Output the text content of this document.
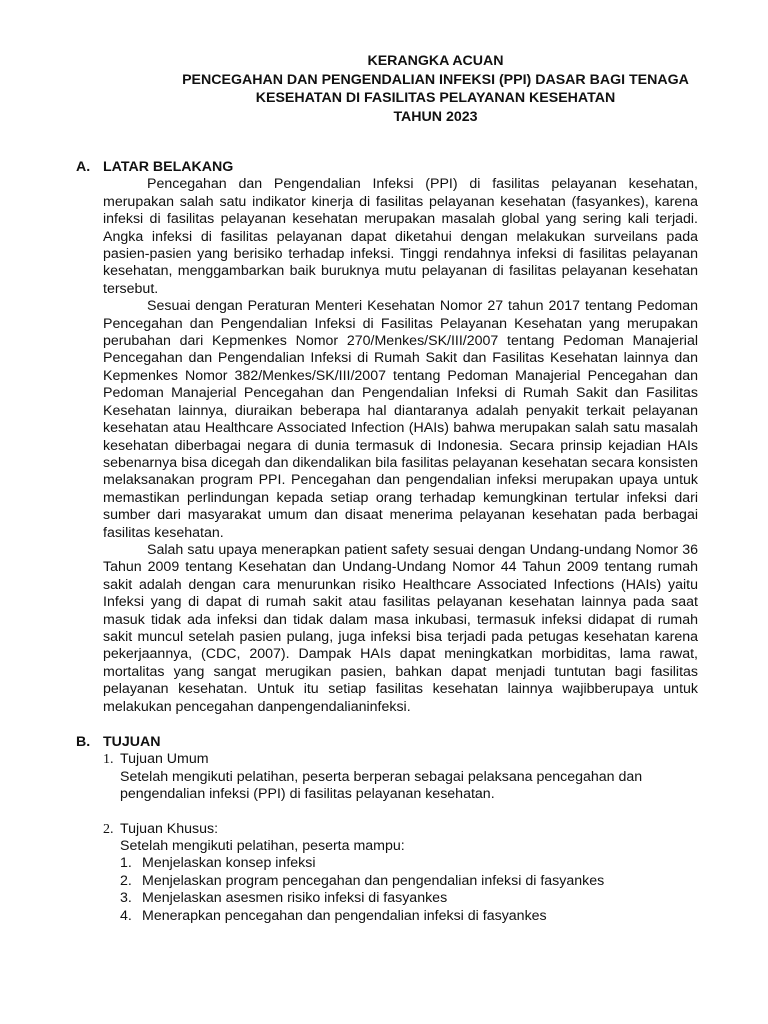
KERANGKA ACUAN
PENCEGAHAN DAN PENGENDALIAN INFEKSI (PPI) DASAR BAGI TENAGA
KESEHATAN DI FASILITAS PELAYANAN KESEHATAN
TAHUN 2023
A. LATAR BELAKANG

Pencegahan dan Pengendalian Infeksi (PPI) di fasilitas pelayanan kesehatan, merupakan salah satu indikator kinerja di fasilitas pelayanan kesehatan (fasyankes), karena infeksi di fasilitas pelayanan kesehatan merupakan masalah global yang sering kali terjadi. Angka infeksi di fasilitas pelayanan dapat diketahui dengan melakukan surveilans pada pasien-pasien yang berisiko terhadap infeksi. Tinggi rendahnya infeksi di fasilitas pelayanan kesehatan, menggambarkan baik buruknya mutu pelayanan di fasilitas pelayanan kesehatan tersebut.

Sesuai dengan Peraturan Menteri Kesehatan Nomor 27 tahun 2017 tentang Pedoman Pencegahan dan Pengendalian Infeksi di Fasilitas Pelayanan Kesehatan yang merupakan perubahan dari Kepmenkes Nomor 270/Menkes/SK/III/2007 tentang Pedoman Manajerial Pencegahan dan Pengendalian Infeksi di Rumah Sakit dan Fasilitas Kesehatan lainnya dan Kepmenkes Nomor 382/Menkes/SK/III/2007 tentang Pedoman Manajerial Pencegahan dan Pedoman Manajerial Pencegahan dan Pengendalian Infeksi di Rumah Sakit dan Fasilitas Kesehatan lainnya, diuraikan beberapa hal diantaranya adalah penyakit terkait pelayanan kesehatan atau Healthcare Associated Infection (HAIs) bahwa merupakan salah satu masalah kesehatan diberbagai negara di dunia termasuk di Indonesia. Secara prinsip kejadian HAIs sebenarnya bisa dicegah dan dikendalikan bila fasilitas pelayanan kesehatan secara konsisten melaksanakan program PPI. Pencegahan dan pengendalian infeksi merupakan upaya untuk memastikan perlindungan kepada setiap orang terhadap kemungkinan tertular infeksi dari sumber dari masyarakat umum dan disaat menerima pelayanan kesehatan pada berbagai fasilitas kesehatan.

Salah satu upaya menerapkan patient safety sesuai dengan Undang-undang Nomor 36 Tahun 2009 tentang Kesehatan dan Undang-Undang Nomor 44 Tahun 2009 tentang rumah sakit adalah dengan cara menurunkan risiko Healthcare Associated Infections (HAIs) yaitu Infeksi yang di dapat di rumah sakit atau fasilitas pelayanan kesehatan lainnya pada saat masuk tidak ada infeksi dan tidak dalam masa inkubasi, termasuk infeksi didapat di rumah sakit muncul setelah pasien pulang, juga infeksi bisa terjadi pada petugas kesehatan karena pekerjaannya, (CDC, 2007). Dampak HAIs dapat meningkatkan morbiditas, lama rawat, mortalitas yang sangat merugikan pasien, bahkan dapat menjadi tuntutan bagi fasilitas pelayanan kesehatan. Untuk itu setiap fasilitas kesehatan lainnya wajibberupaya untuk melakukan pencegahan danpengendalianinfeksi.

B. TUJUAN
1. Tujuan Umum
Setelah mengikuti pelatihan, peserta berperan sebagai pelaksana pencegahan dan pengendalian infeksi (PPI) di fasilitas pelayanan kesehatan.
2. Tujuan Khusus:
Setelah mengikuti pelatihan, peserta mampu:
1. Menjelaskan konsep infeksi
2. Menjelaskan program pencegahan dan pengendalian infeksi di fasyankes
3. Menjelaskan asesmen risiko infeksi di fasyankes
4. Menerapkan pencegahan dan pengendalian infeksi di fasyankes
